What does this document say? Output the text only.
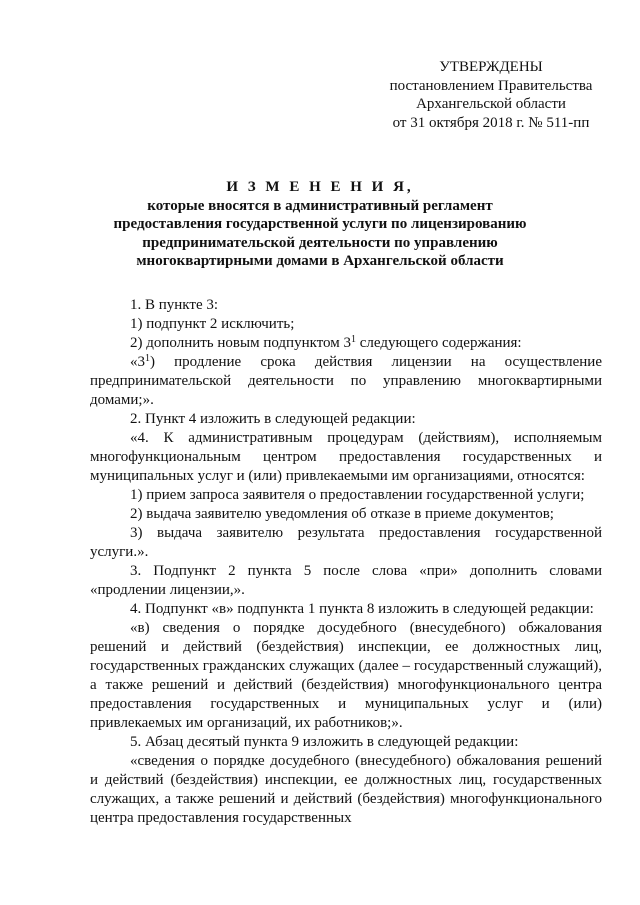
УТВЕРЖДЕНЫ
постановлением Правительства
Архангельской области
от 31 октября 2018 г. № 511-пп
И З М Е Н Е Н И Я,
которые вносятся в административный регламент
предоставления государственной услуги по лицензированию
предпринимательской деятельности по управлению
многоквартирными домами в Архангельской области

1. В пункте 3:

1) подпункт 2 исключить;

2) дополнить новым подпунктом $3^1$ следующего содержания:

«$3^1$) продление срока действия лицензии на осуществление предпринимательской деятельности по управлению многоквартирными домами;».

2. Пункт 4 изложить в следующей редакции:

«4. К административным процедурам (действиям), исполняемым многофункциональным центром предоставления государственных и муниципальных услуг и (или) привлекаемыми им организациями, относятся:

1) прием запроса заявителя о предоставлении государственной услуги;

2) выдача заявителю уведомления об отказе в приеме документов;

3) выдача заявителю результата предоставления государственной услуги.».

3. Подпункт 2 пункта 5 после слова «при» дополнить словами «продлении лицензии,».

4. Подпункт «в» подпункта 1 пункта 8 изложить в следующей редакции:

«в) сведения о порядке досудебного (внесудебного) обжалования решений и действий (бездействия) инспекции, ее должностных лиц, государственных гражданских служащих (далее – государственный служащий), а также решений и действий (бездействия) многофункционального центра предоставления государственных и муниципальных услуг и (или) привлекаемых им организаций, их работников;».

5. Абзац десятый пункта 9 изложить в следующей редакции:

«сведения о порядке досудебного (внесудебного) обжалования решений и действий (бездействия) инспекции, ее должностных лиц, государственных служащих, а также решений и действий (бездействия) многофункционального центра предоставления государственных
